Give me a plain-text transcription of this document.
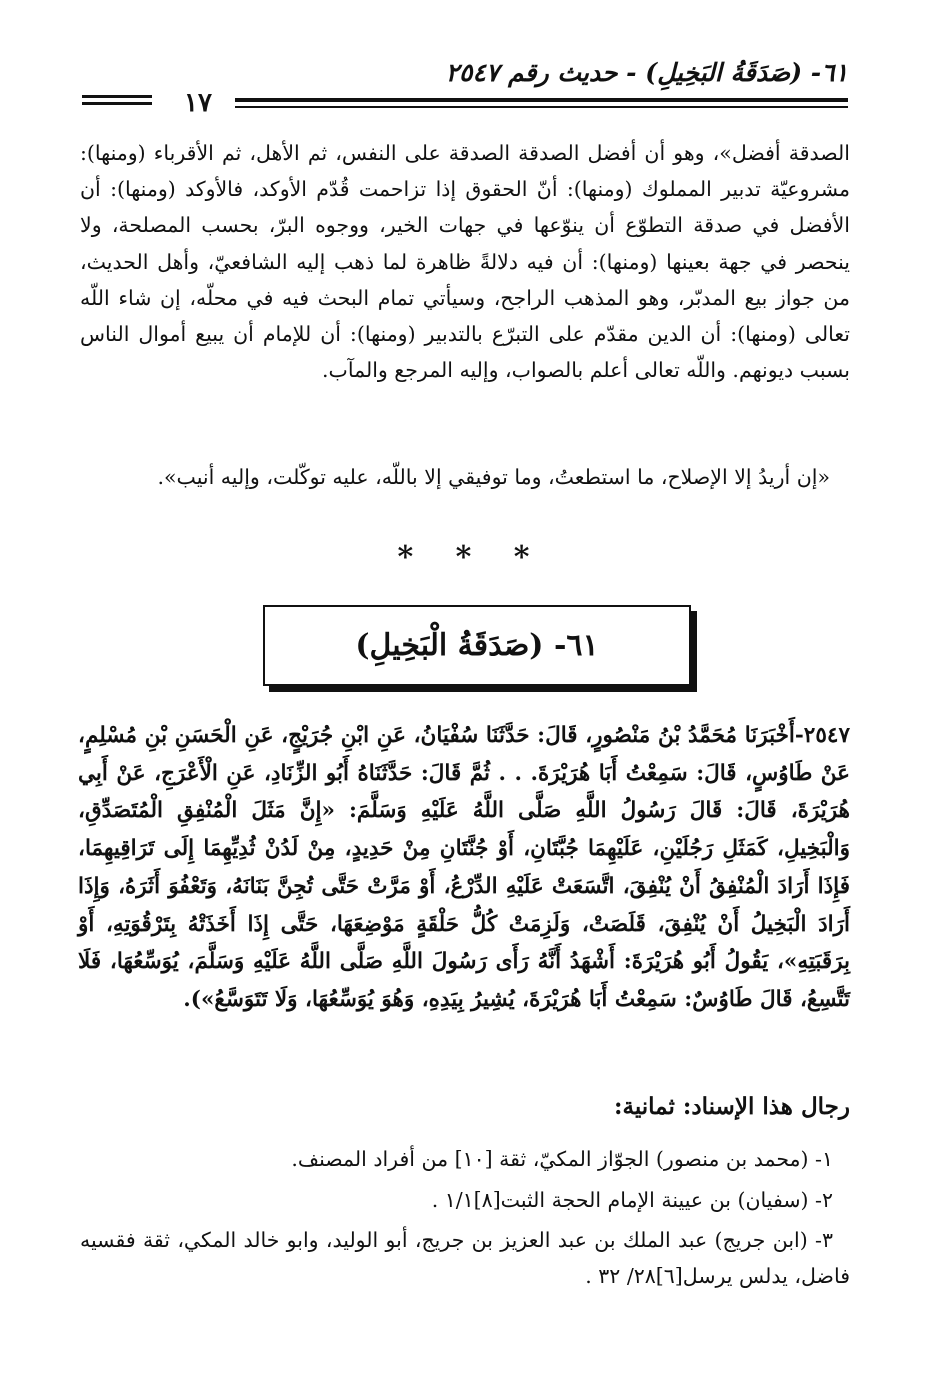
٦١- (صَدَقَةُ البَخِيلِ) - حديث رقم ٢٥٤٧
١٧

الصدقة أفضل»، وهو أن أفضل الصدقة الصدقة على النفس، ثم الأهل، ثم الأقرباء (ومنها): مشروعيّة تدبير المملوك (ومنها): أنّ الحقوق إذا تزاحمت قُدّم الأوكد، فالأوكد (ومنها): أن الأفضل في صدقة التطوّع أن ينوّعها في جهات الخير، ووجوه البرّ، بحسب المصلحة، ولا ينحصر في جهة بعينها (ومنها): أن فيه دلالةً ظاهرة لما ذهب إليه الشافعيّ، وأهل الحديث، من جواز بيع المدبّر، وهو المذهب الراجح، وسيأتي تمام البحث فيه في محلّه، إن شاء اللّه تعالى (ومنها): أن الدين مقدّم على التبرّع بالتدبير (ومنها): أن للإمام أن يبيع أموال الناس بسبب ديونهم. واللّه تعالى أعلم بالصواب، وإليه المرجع والمآب.

«إن أريدُ إلا الإصلاح، ما استطعتُ، وما توفيقي إلا باللّه، عليه توكّلت، وإليه أنيب».

* * *
٦١- (صَدَقَةُ الْبَخِيلِ)
٢٥٤٧-أَخْبَرَنَا مُحَمَّدُ بْنُ مَنْصُورٍ، قَالَ: حَدَّثَنَا سُفْيَانُ، عَنِ ابْنِ جُرَيْجٍ، عَنِ الْحَسَنِ بْنِ مُسْلِمٍ، عَنْ طَاوُسٍ، قَالَ: سَمِعْتُ أَبَا هُرَيْرَةَ. . . ثُمَّ قَالَ: حَدَّثَنَاهُ أَبُو الزِّنَادِ، عَنِ الْأَعْرَجِ، عَنْ أَبِي هُرَيْرَةَ، قَالَ: قَالَ رَسُولُ اللَّهِ صَلَّى اللَّهُ عَلَيْهِ وَسَلَّمَ: «إِنَّ مَثَلَ الْمُنْفِقِ الْمُتَصَدِّقِ، وَالْبَخِيلِ، كَمَثَلِ رَجُلَيْنِ، عَلَيْهِمَا جُبَّتَانِ، أَوْ جُنَّتَانِ مِنْ حَدِيدٍ، مِنْ لَدُنْ ثُدِيِّهِمَا إِلَى تَرَاقِيهِمَا، فَإِذَا أَرَادَ الْمُنْفِقُ أَنْ يُنْفِقَ، اتَّسَعَتْ عَلَيْهِ الدِّرْعُ، أَوْ مَرَّتْ حَتَّى تُجِنَّ بَنَانَهُ، وَتَعْفُوَ أَثَرَهُ، وَإِذَا أَرَادَ الْبَخِيلُ أَنْ يُنْفِقَ، قَلَصَتْ، وَلَزِمَتْ كُلُّ حَلْقَةٍ مَوْضِعَهَا، حَتَّى إِذَا أَخَذَتْهُ بِتَرْقُوَتِهِ، أَوْ بِرَقَبَتِهِ»، يَقُولُ أَبُو هُرَيْرَةَ: أَشْهَدُ أَنَّهُ رَأَى رَسُولَ اللَّهِ صَلَّى اللَّهُ عَلَيْهِ وَسَلَّمَ، يُوَسِّعُهَا، فَلَا تَتَّسِعُ، قَالَ طَاوُسٌ: سَمِعْتُ أَبَا هُرَيْرَةَ، يُشِيرُ بِيَدِهِ، وَهُوَ يُوَسِّعُهَا، وَلَا تَتَوَسَّعُ»).
رجال هذا الإسناد: ثمانية:
١- (محمد بن منصور) الجوّاز المكيّ، ثقة [١٠] من أفراد المصنف.
٢- (سفيان) بن عيينة الإمام الحجة الثبت[٨]١/١ .
٣- (ابن جريج) عبد الملك بن عبد العزيز بن جريج، أبو الوليد، وابو خالد المكي، ثقة فقسيه فاضل، يدلس يرسل[٦]٢٨/ ٣٢ .
